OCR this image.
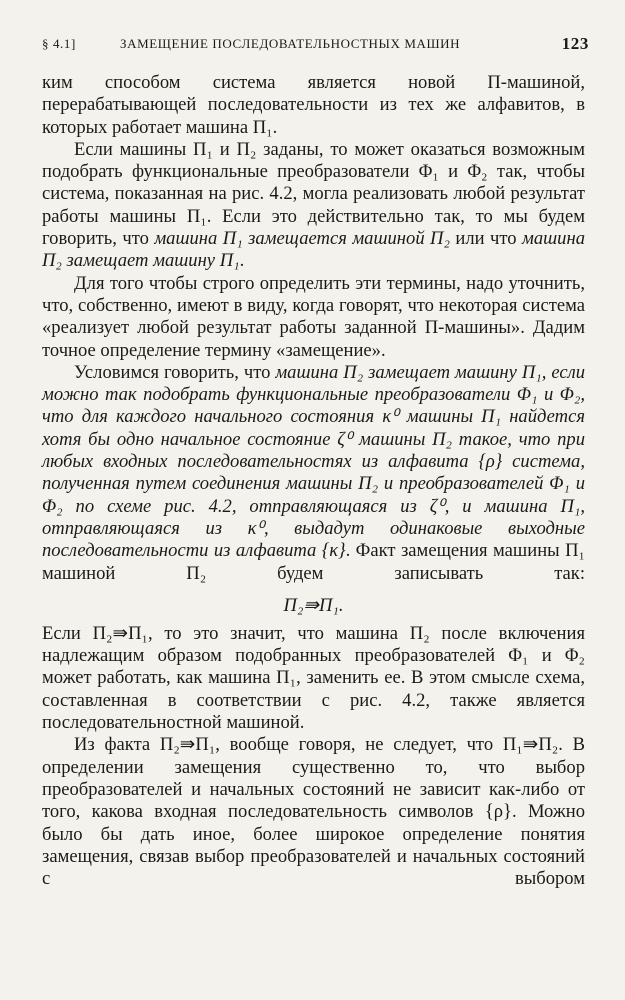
§ 4.1]	ЗАМЕЩЕНИЕ ПОСЛЕДОВАТЕЛЬНОСТНЫХ МАШИН	123

ким способом система является новой П-машиной, перерабатывающей последовательности из тех же алфавитов, в которых работает машина П₁.

Если машины П₁ и П₂ заданы, то может оказаться возможным подобрать функциональные преобразователи Φ₁ и Φ₂ так, чтобы система, показанная на рис. 4.2, могла реализовать любой результат работы машины П₁. Если это действительно так, то мы будем говорить, что машина П₁ замещается машиной П₂ или что машина П₂ замещает машину П₁.

Для того чтобы строго определить эти термины, надо уточнить, что, собственно, имеют в виду, когда говорят, что некоторая система «реализует любой результат работы заданной П-машины». Дадим точное определение термину «замещение».

Условимся говорить, что машина П₂ замещает машину П₁, если можно так подобрать функциональные преобразователи Φ₁ и Φ₂, что для каждого начального состояния κ⁰ машины П₁ найдется хотя бы одно начальное состояние ζ⁰ машины П₂ такое, что при любых входных последовательностях из алфавита {ρ} система, полученная путем соединения машины П₂ и преобразователей Φ₁ и Φ₂ по схеме рис. 4.2, отправляющаяся из ζ⁰, и машина П₁, отправляющаяся из κ⁰, выдадут одинаковые выходные последовательности из алфавита {κ}. Факт замещения машины П₁ машиной П₂ будем записывать так:

П₂⇛П₁.

Если П₂⇛П₁, то это значит, что машина П₂ после включения надлежащим образом подобранных преобразователей Φ₁ и Φ₂ может работать, как машина П₁, заменить ее. В этом смысле схема, составленная в соответствии с рис. 4.2, также является последовательностной машиной.

Из факта П₂⇛П₁, вообще говоря, не следует, что П₁⇛П₂. В определении замещения существенно то, что выбор преобразователей и начальных состояний не зависит как-либо от того, какова входная последовательность символов {ρ}. Можно было бы дать иное, более широкое определение понятия замещения, связав выбор преобразователей и начальных состояний с выбором
